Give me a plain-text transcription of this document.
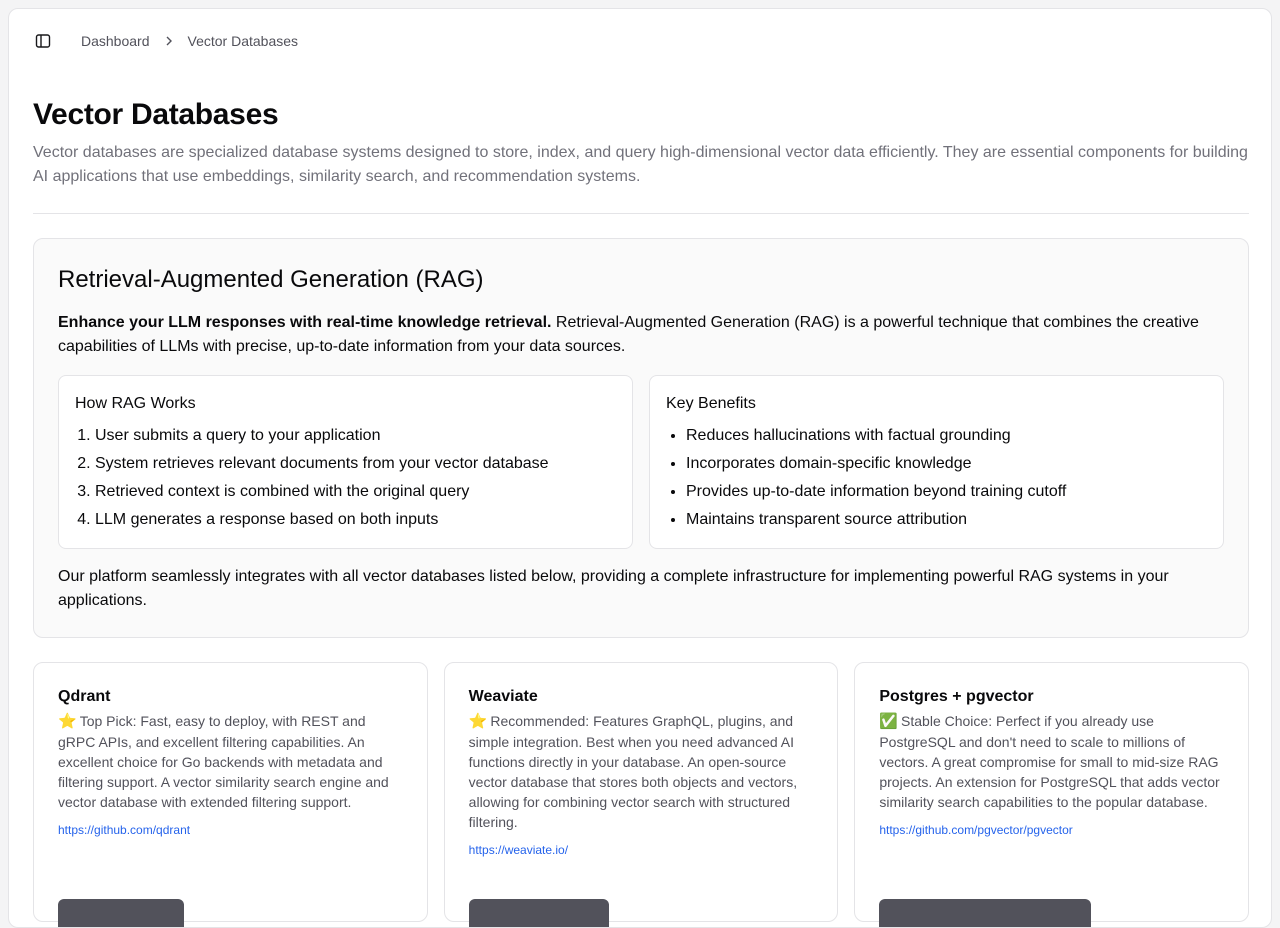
Dashboard	Vector Databases
Vector Databases

Vector databases are specialized database systems designed to store, index, and query high-dimensional vector data efficiently. They are essential components for building AI applications that use embeddings, similarity search, and recommendation systems.

Retrieval-Augmented Generation (RAG)

Enhance your LLM responses with real-time knowledge retrieval. Retrieval-Augmented Generation (RAG) is a powerful technique that combines the creative capabilities of LLMs with precise, up-to-date information from your data sources.

How RAG Works
1. User submits a query to your application
2. System retrieves relevant documents from your vector database
3. Retrieved context is combined with the original query
4. LLM generates a response based on both inputs
Key Benefits
• Reduces hallucinations with factual grounding
• Incorporates domain-specific knowledge
• Provides up-to-date information beyond training cutoff
• Maintains transparent source attribution

Our platform seamlessly integrates with all vector databases listed below, providing a complete infrastructure for implementing powerful RAG systems in your applications.

Qdrant

⭐ Top Pick: Fast, easy to deploy, with REST and gRPC APIs, and excellent filtering capabilities. An excellent choice for Go backends with metadata and filtering support. A vector similarity search engine and vector database with extended filtering support.

https://github.com/qdrant
Weaviate

⭐ Recommended: Features GraphQL, plugins, and simple integration. Best when you need advanced AI functions directly in your database. An open-source vector database that stores both objects and vectors, allowing for combining vector search with structured filtering.

https://weaviate.io/
Postgres + pgvector

✅ Stable Choice: Perfect if you already use PostgreSQL and don't need to scale to millions of vectors. A great compromise for small to mid-size RAG projects. An extension for PostgreSQL that adds vector similarity search capabilities to the popular database.

https://github.com/pgvector/pgvector
